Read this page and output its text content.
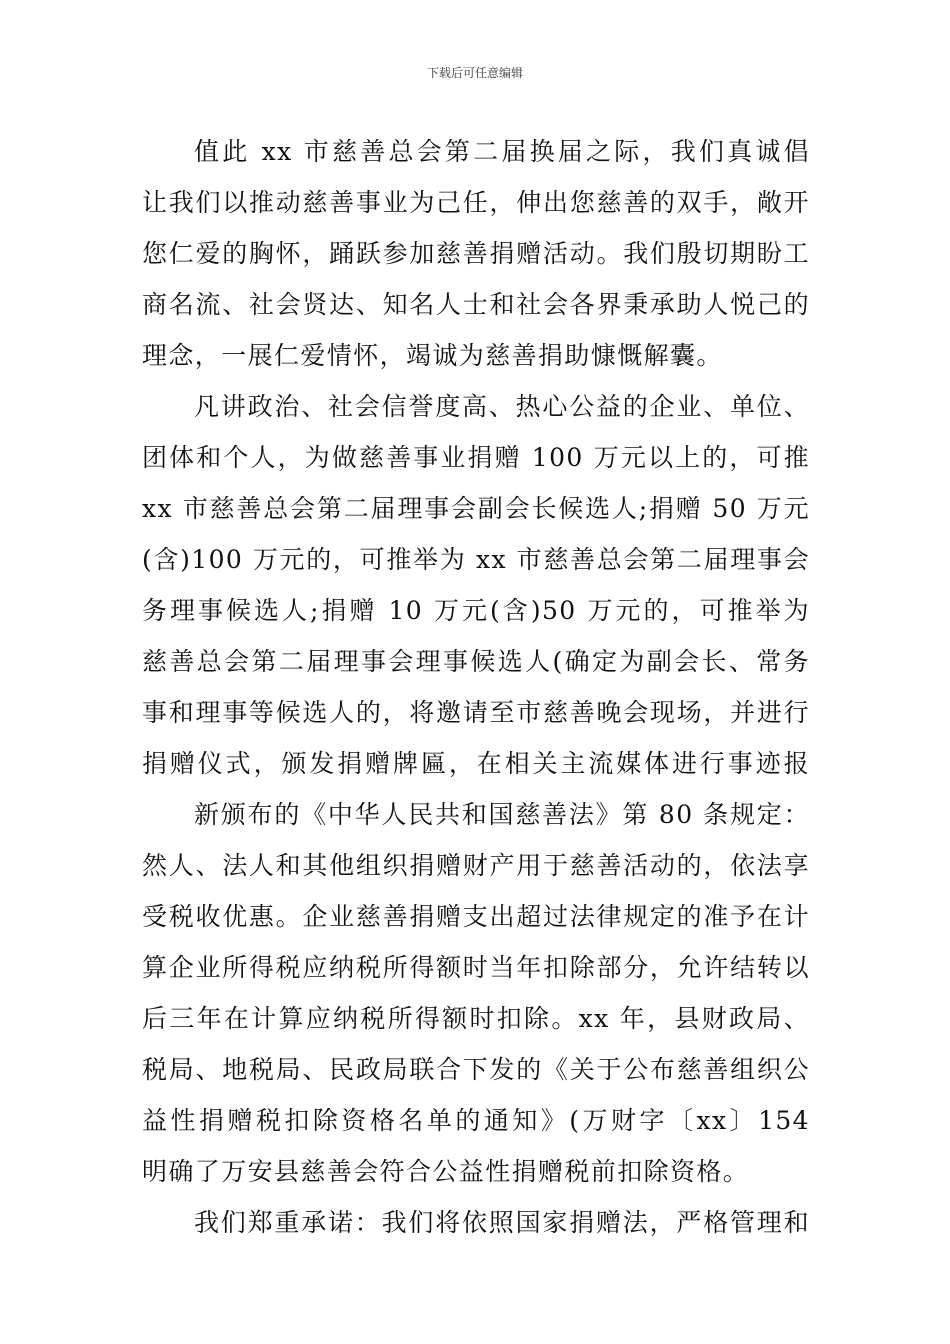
下载后可任意编辑
值此 xx 市慈善总会第二届换届之际，我们真诚倡
让我们以推动慈善事业为己任，伸出您慈善的双手，敞开
您仁爱的胸怀，踊跃参加慈善捐赠活动。我们殷切期盼工
商名流、社会贤达、知名人士和社会各界秉承助人悦己的
理念，一展仁爱情怀，竭诚为慈善捐助慷慨解囊。
凡讲政治、社会信誉度高、热心公益的企业、单位、
团体和个人，为做慈善事业捐赠 100 万元以上的，可推
xx 市慈善总会第二届理事会副会长候选人;捐赠 50 万元
(含)100 万元的，可推举为 xx 市慈善总会第二届理事会
务理事候选人;捐赠 10 万元(含)50 万元的，可推举为
慈善总会第二届理事会理事候选人(确定为副会长、常务
事和理事等候选人的，将邀请至市慈善晚会现场，并进行
捐赠仪式，颁发捐赠牌匾，在相关主流媒体进行事迹报
新颁布的《中华人民共和国慈善法》第 80 条规定：
然人、法人和其他组织捐赠财产用于慈善活动的，依法享
受税收优惠。企业慈善捐赠支出超过法律规定的准予在计
算企业所得税应纳税所得额时当年扣除部分，允许结转以
后三年在计算应纳税所得额时扣除。xx 年，县财政局、
税局、地税局、民政局联合下发的《关于公布慈善组织公
益性捐赠税扣除资格名单的通知》(万财字〔xx〕154
明确了万安县慈善会符合公益性捐赠税前扣除资格。
我们郑重承诺：我们将依照国家捐赠法，严格管理和
